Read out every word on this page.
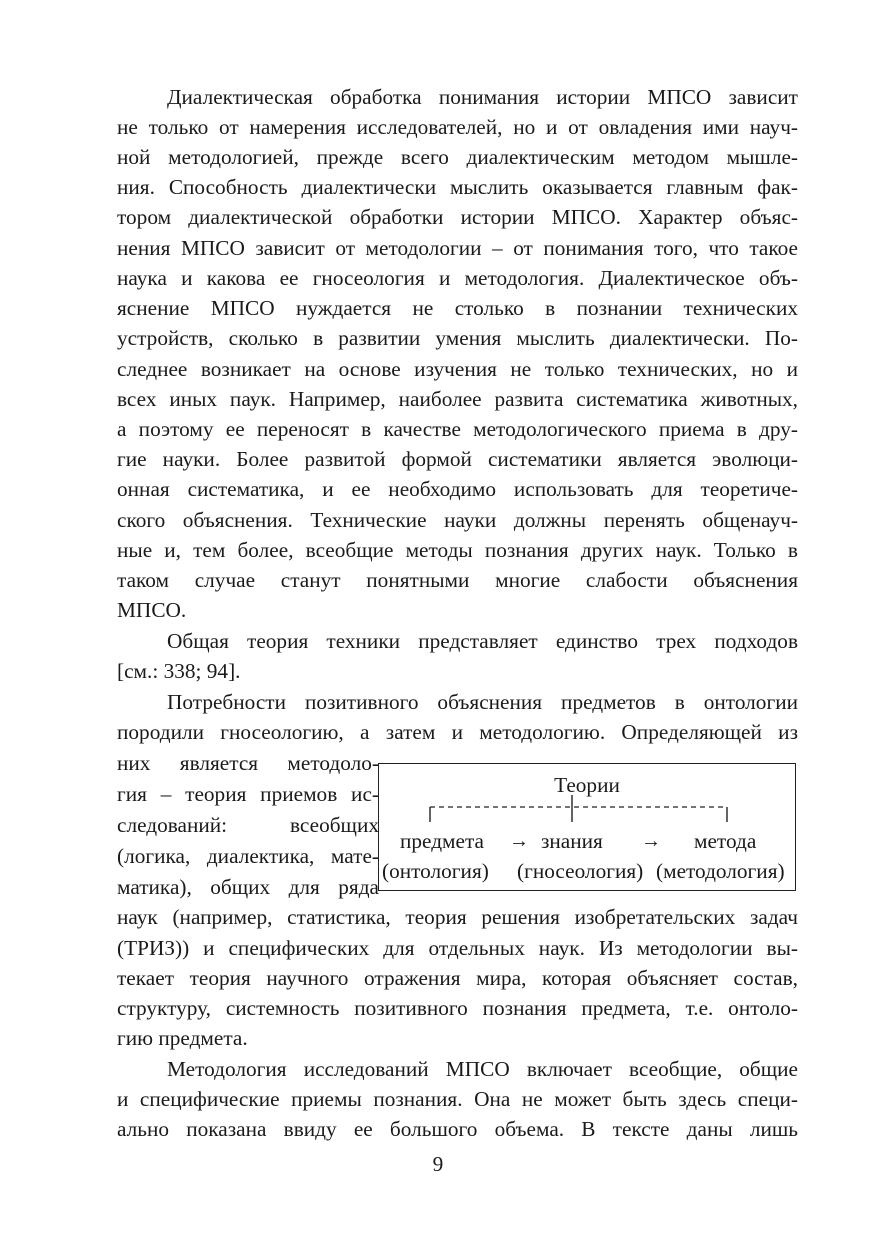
Диалектическая обработка понимания истории МПСО зависит
не только от намерения исследователей, но и от овладения ими науч-
ной методологией, прежде всего диалектическим методом мышле-
ния. Способность диалектически мыслить оказывается главным фак-
тором диалектической обработки истории МПСО. Характер объяс-
нения МПСО зависит от методологии – от понимания того, что такое
наука и какова ее гносеология и методология. Диалектическое объ-
яснение МПСО нуждается не столько в познании технических
устройств, сколько в развитии умения мыслить диалектически. По-
следнее возникает на основе изучения не только технических, но и
всех иных паук. Например, наиболее развита систематика животных,
а поэтому ее переносят в качестве методологического приема в дру-
гие науки. Более развитой формой систематики является эволюци-
онная систематика, и ее необходимо использовать для теоретиче-
ского объяснения. Технические науки должны перенять общенауч-
ные и, тем более, всеобщие методы познания других наук. Только в
таком случае станут понятными многие слабости объяснения
МПСО.
Общая теория техники представляет единство трех подходов
[см.: 338; 94].
Потребности позитивного объяснения предметов в онтологии
породили гносеологию, а затем и методологию. Определяющей из
них является методоло-
гия – теория приемов ис-
следований: всеобщих
(логика, диалектика, мате-
матика), общих для ряда
Теории
предмета → знания → метода
(онтология) (гносеология) (методология)
наук (например, статистика, теория решения изобретательских задач
(ТРИЗ)) и специфических для отдельных наук. Из методологии вы-
текает теория научного отражения мира, которая объясняет состав,
структуру, системность позитивного познания предмета, т.е. онтоло-
гию предмета.
Методология исследований МПСО включает всеобщие, общие
и специфические приемы познания. Она не может быть здесь специ-
ально показана ввиду ее большого объема. В тексте даны лишь
9
